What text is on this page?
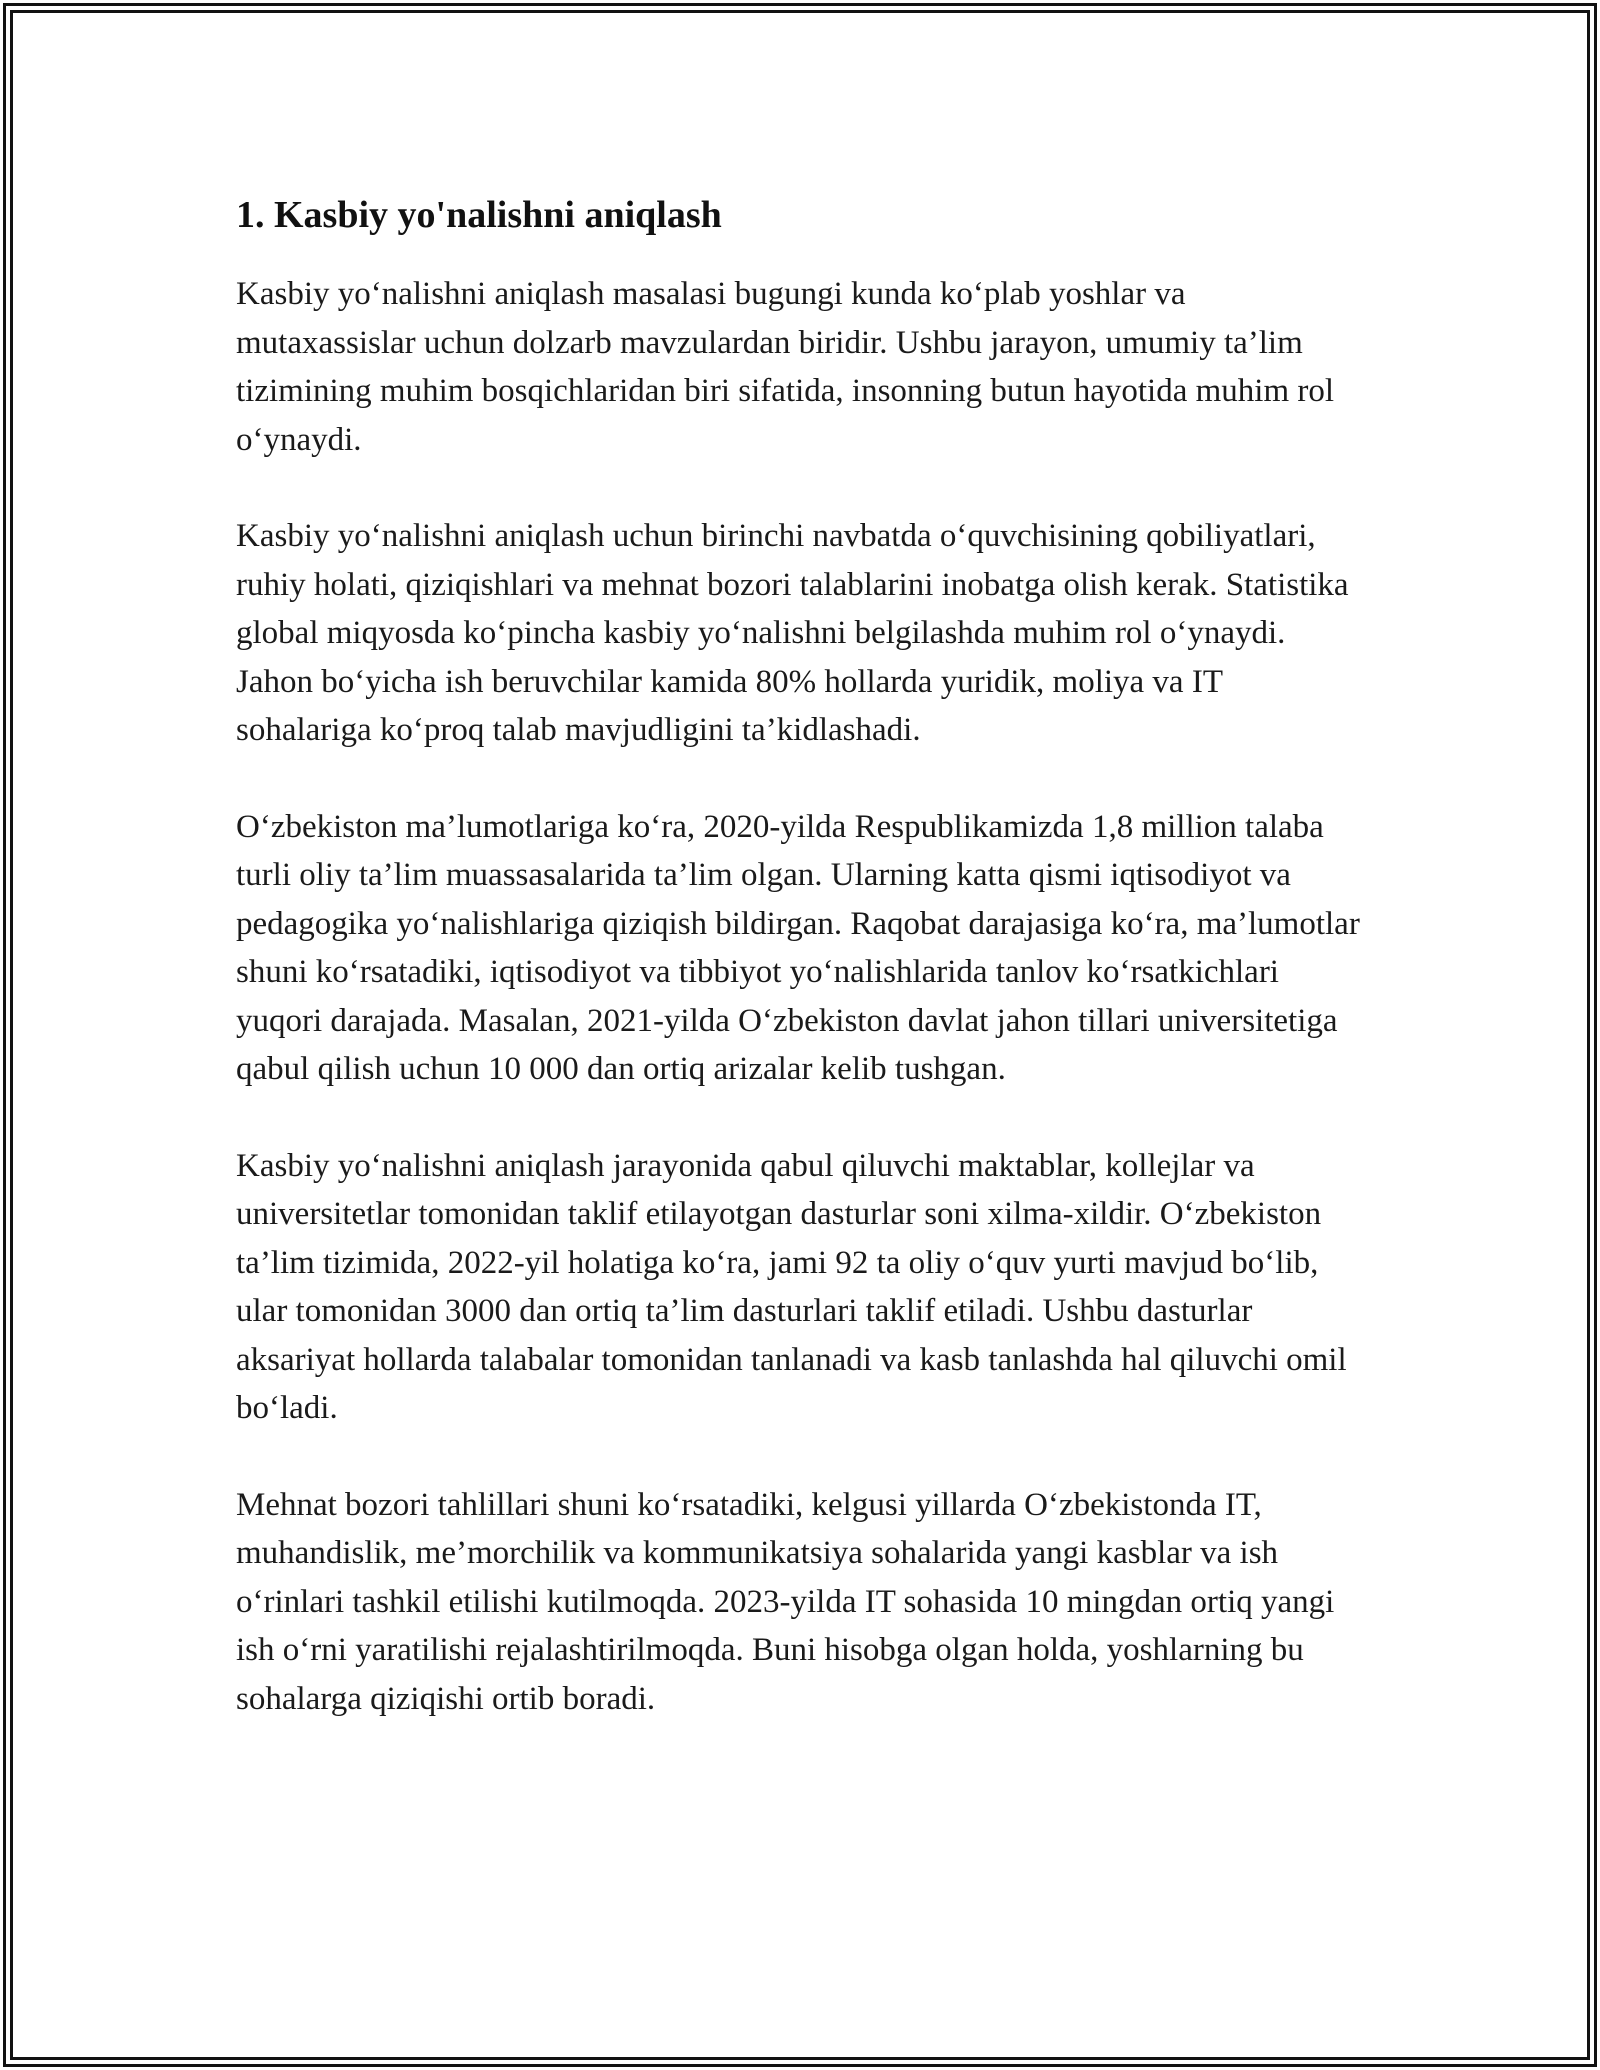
1. Kasbiy yo'nalishni aniqlash

Kasbiy yo‘nalishni aniqlash masalasi bugungi kunda ko‘plab yoshlar va mutaxassislar uchun dolzarb mavzulardan biridir. Ushbu jarayon, umumiy ta’lim tizimining muhim bosqichlaridan biri sifatida, insonning butun hayotida muhim rol o‘ynaydi.

Kasbiy yo‘nalishni aniqlash uchun birinchi navbatda o‘quvchisining qobiliyatlari, ruhiy holati, qiziqishlari va mehnat bozori talablarini inobatga olish kerak. Statistika global miqyosda ko‘pincha kasbiy yo‘nalishni belgilashda muhim rol o‘ynaydi. Jahon bo‘yicha ish beruvchilar kamida 80% hollarda yuridik, moliya va IT sohalariga ko‘proq talab mavjudligini ta’kidlashadi.

O‘zbekiston ma’lumotlariga ko‘ra, 2020-yilda Respublikamizda 1,8 million talaba turli oliy ta’lim muassasalarida ta’lim olgan. Ularning katta qismi iqtisodiyot va pedagogika yo‘nalishlariga qiziqish bildirgan. Raqobat darajasiga ko‘ra, ma’lumotlar shuni ko‘rsatadiki, iqtisodiyot va tibbiyot yo‘nalishlarida tanlov ko‘rsatkichlari yuqori darajada. Masalan, 2021-yilda O‘zbekiston davlat jahon tillari universitetiga qabul qilish uchun 10 000 dan ortiq arizalar kelib tushgan.

Kasbiy yo‘nalishni aniqlash jarayonida qabul qiluvchi maktablar, kollejlar va universitetlar tomonidan taklif etilayotgan dasturlar soni xilma-xildir. O‘zbekiston ta’lim tizimida, 2022-yil holatiga ko‘ra, jami 92 ta oliy o‘quv yurti mavjud bo‘lib, ular tomonidan 3000 dan ortiq ta’lim dasturlari taklif etiladi. Ushbu dasturlar aksariyat hollarda talabalar tomonidan tanlanadi va kasb tanlashda hal qiluvchi omil bo‘ladi.

Mehnat bozori tahlillari shuni ko‘rsatadiki, kelgusi yillarda O‘zbekistonda IT, muhandislik, me’morchilik va kommunikatsiya sohalarida yangi kasblar va ish o‘rinlari tashkil etilishi kutilmoqda. 2023-yilda IT sohasida 10 mingdan ortiq yangi ish o‘rni yaratilishi rejalashtirilmoqda. Buni hisobga olgan holda, yoshlarning bu sohalarga qiziqishi ortib boradi.
